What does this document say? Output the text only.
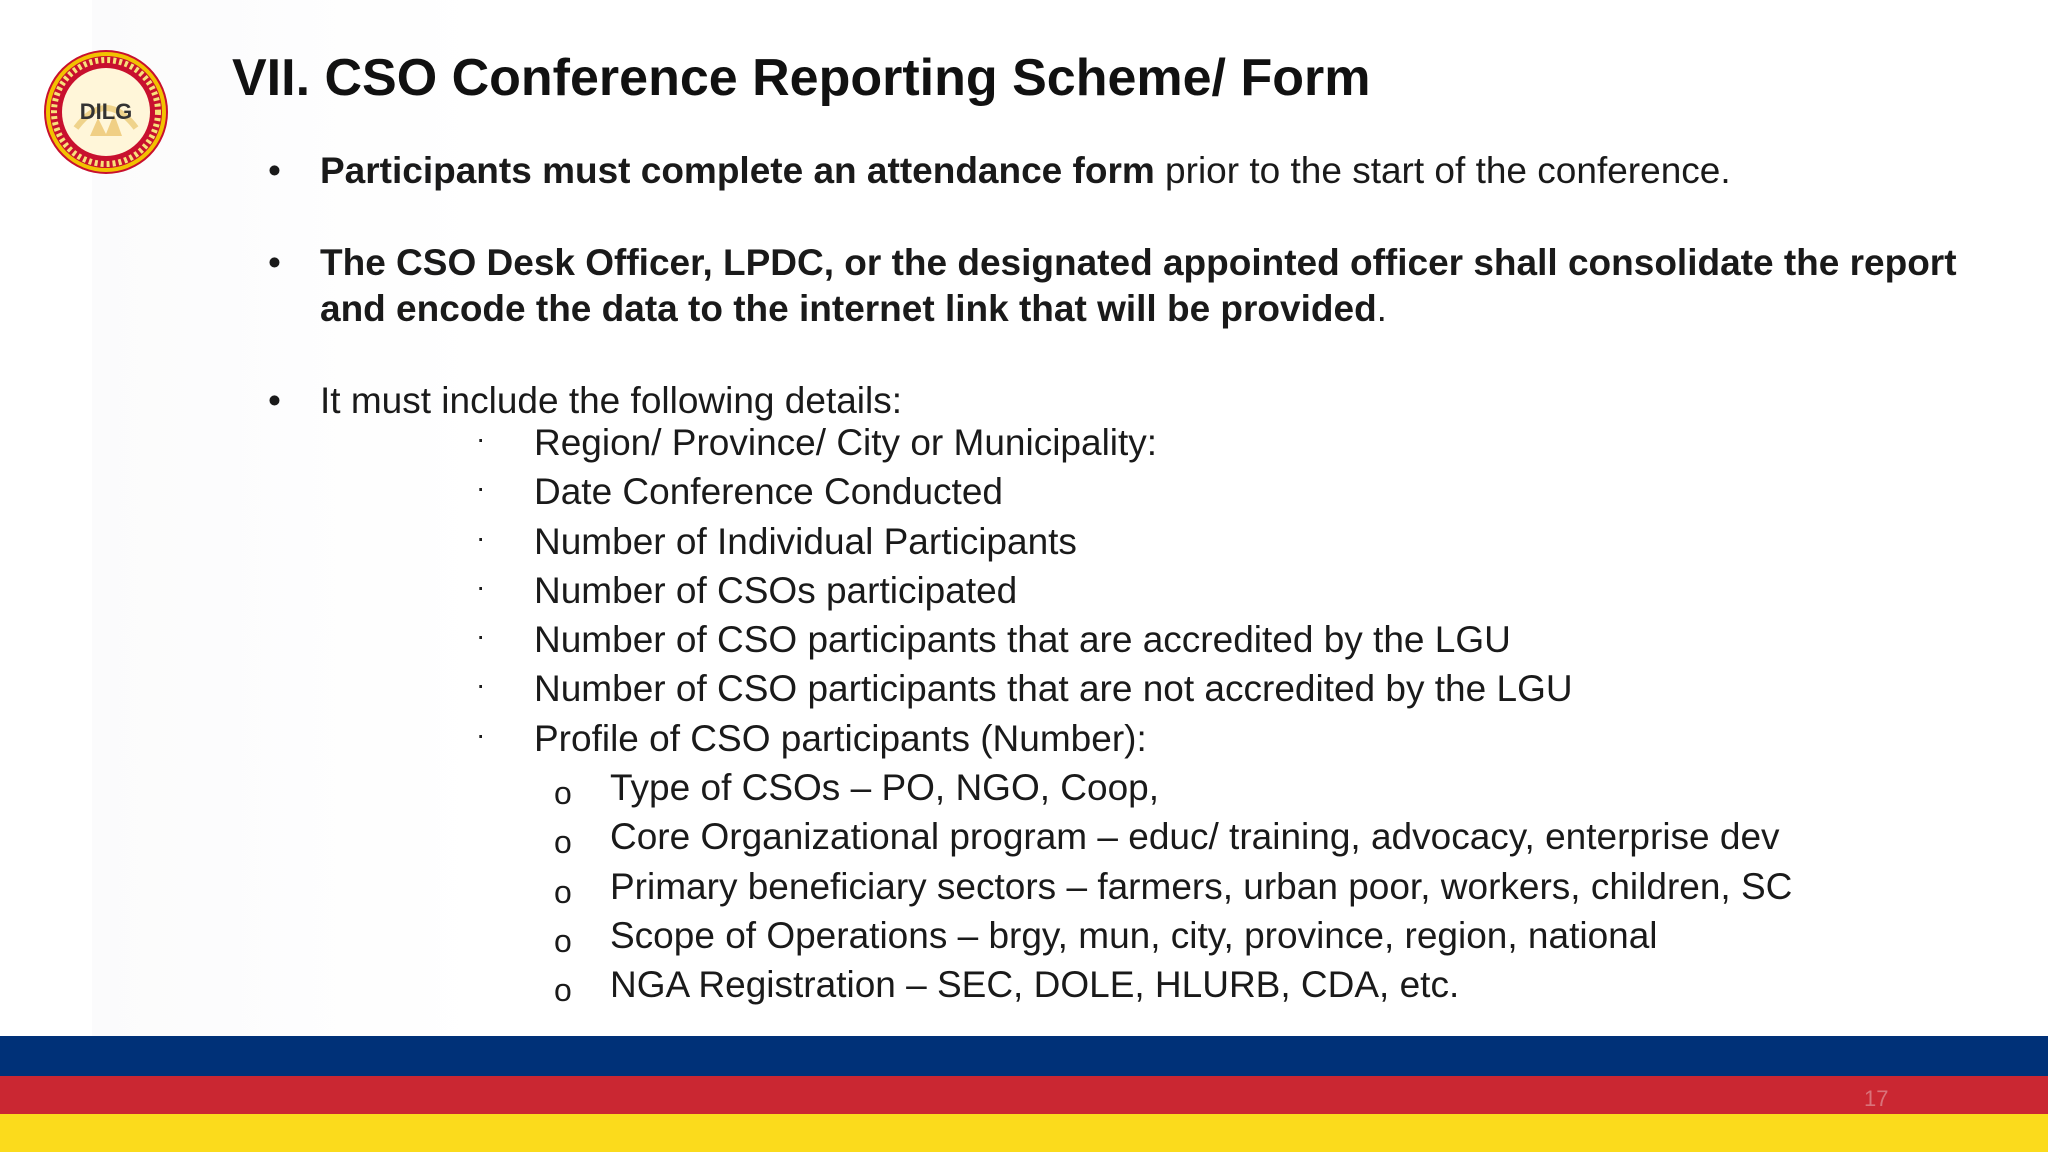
DILG
VII. CSO Conference Reporting Scheme/ Form
• Participants must complete an attendance form prior to the start of the conference.
• The CSO Desk Officer, LPDC, or the designated appointed officer shall consolidate the report and encode the data to the internet link that will be provided.
• It must include the following details:
· Region/ Province/ City or Municipality:
· Date Conference Conducted
· Number of Individual Participants
· Number of CSOs participated
· Number of CSO participants that are accredited by the LGU
· Number of CSO participants that are not accredited by the LGU
· Profile of CSO participants (Number):
o Type of CSOs – PO, NGO, Coop,
o Core Organizational program – educ/ training, advocacy, enterprise dev
o Primary beneficiary sectors – farmers, urban poor, workers, children, SC
o Scope of Operations – brgy, mun, city, province, region, national
o NGA Registration – SEC, DOLE, HLURB, CDA, etc.
17
